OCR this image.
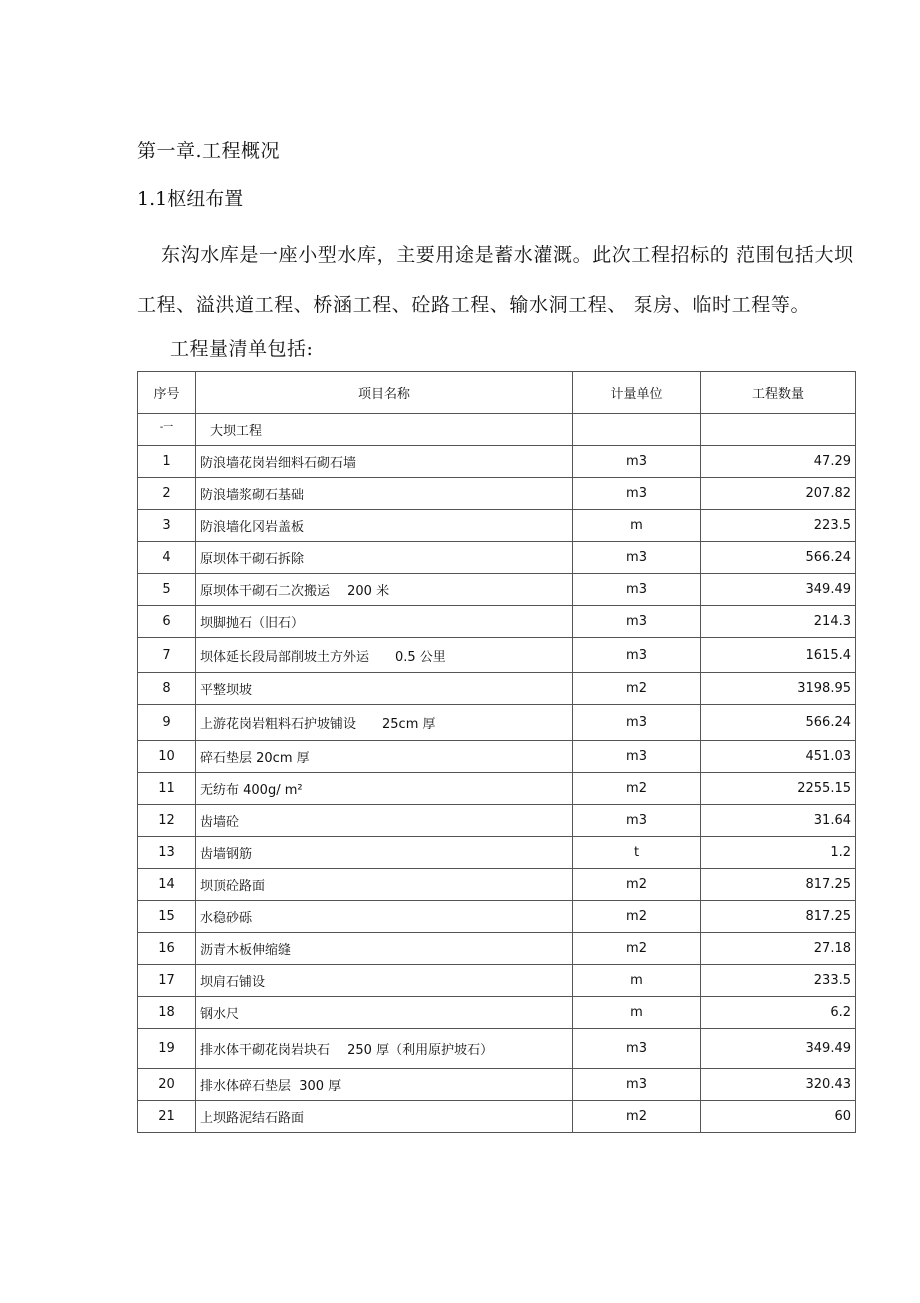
第一章.工程概况
1.1枢纽布置
东沟水库是一座小型水库，主要用途是蓄水灌溉。此次工程招标的 范围包括大坝工程、溢洪道工程、桥涵工程、砼路工程、输水洞工程、 泵房、临时工程等。
工程量清单包括:
序号	项目名称	计量单位	工程数量
-一	大坝工程		
1	防浪墙花岗岩细料石砌石墙	m3	47.29
2	防浪墙浆砌石基础	m3	207.82
3	防浪墙化冈岩盖板	m	223.5
4	原坝体干砌石拆除	m3	566.24
5	原坝体干砌石二次搬运　 200 米	m3	349.49
6	坝脚抛石（旧石）	m3	214.3
7	坝体延长段局部削坡土方外运　　0.5 公里	m3	1615.4
8	平整坝坡	m2	3198.95
9	上游花岗岩粗料石护坡铺设　　25cm 厚	m3	566.24
10	碎石垫层 20cm 厚	m3	451.03
11	无纺布 400g/ m²	m2	2255.15
12	齿墙砼	m3	31.64
13	齿墙钢筋	t	1.2
14	坝顶砼路面	m2	817.25
15	水稳砂砾	m2	817.25
16	沥青木板伸缩缝	m2	27.18
17	坝肩石铺设	m	233.5
18	钢水尺	m	6.2
19	排水体干砌花岗岩块石　 250 厚（利用原护坡石）	m3	349.49
20	排水体碎石垫层  300 厚	m3	320.43
21	上坝路泥结石路面	m2	60
